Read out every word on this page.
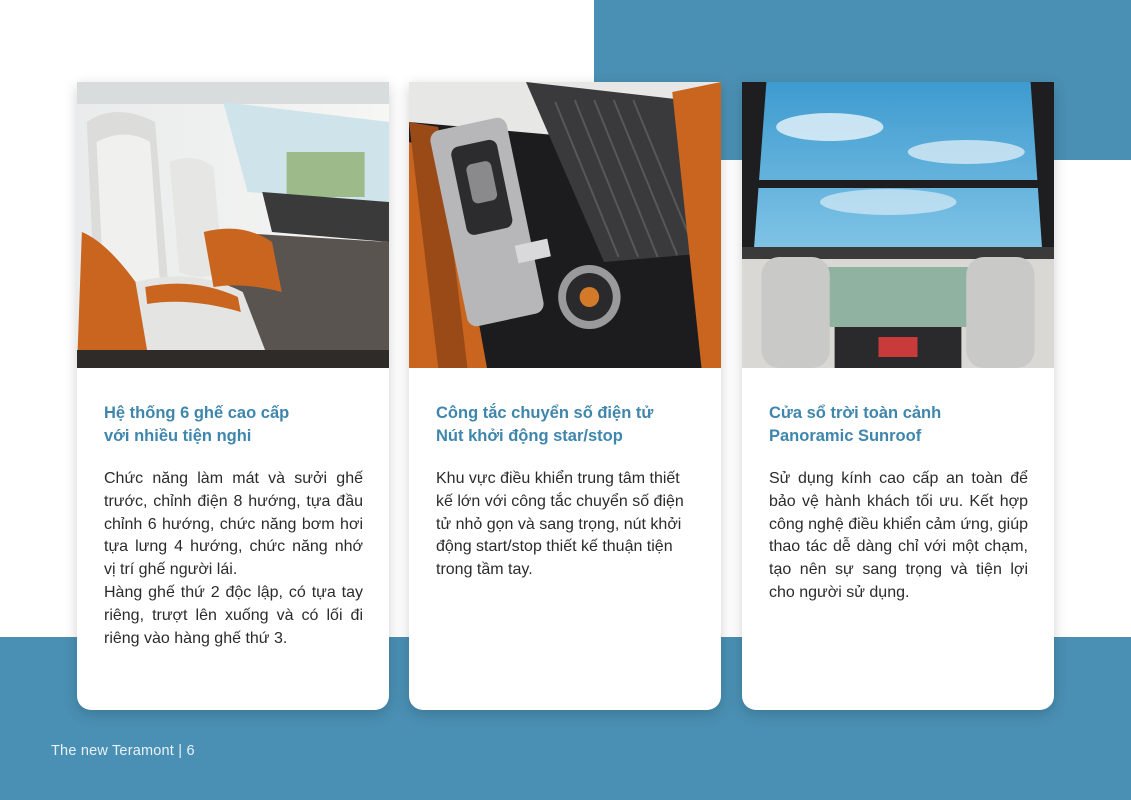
Hệ thống 6 ghế cao cấp
với nhiều tiện nghi

Chức năng làm mát và sưởi ghế trước, chỉnh điện 8 hướng, tựa đầu chỉnh 6 hướng, chức năng bơm hơi tựa lưng 4 hướng, chức năng nhớ vị trí ghế người lái.

Hàng ghế thứ 2 độc lập, có tựa tay riêng, trượt lên xuống và có lối đi riêng vào hàng ghế thứ 3.

Công tắc chuyển số điện tử
Nút khởi động star/stop

Khu vực điều khiển trung tâm thiết kế lớn với công tắc chuyển số điện tử nhỏ gọn và sang trọng, nút khởi động start/stop thiết kế thuận tiện trong tầm tay.

Cửa sổ trời toàn cảnh
Panoramic Sunroof

Sử dụng kính cao cấp an toàn để bảo vệ hành khách tối ưu. Kết hợp công nghệ điều khiển cảm ứng, giúp thao tác dễ dàng chỉ với một chạm, tạo nên sự sang trọng và tiện lợi cho người sử dụng.

The new Teramont | 6
